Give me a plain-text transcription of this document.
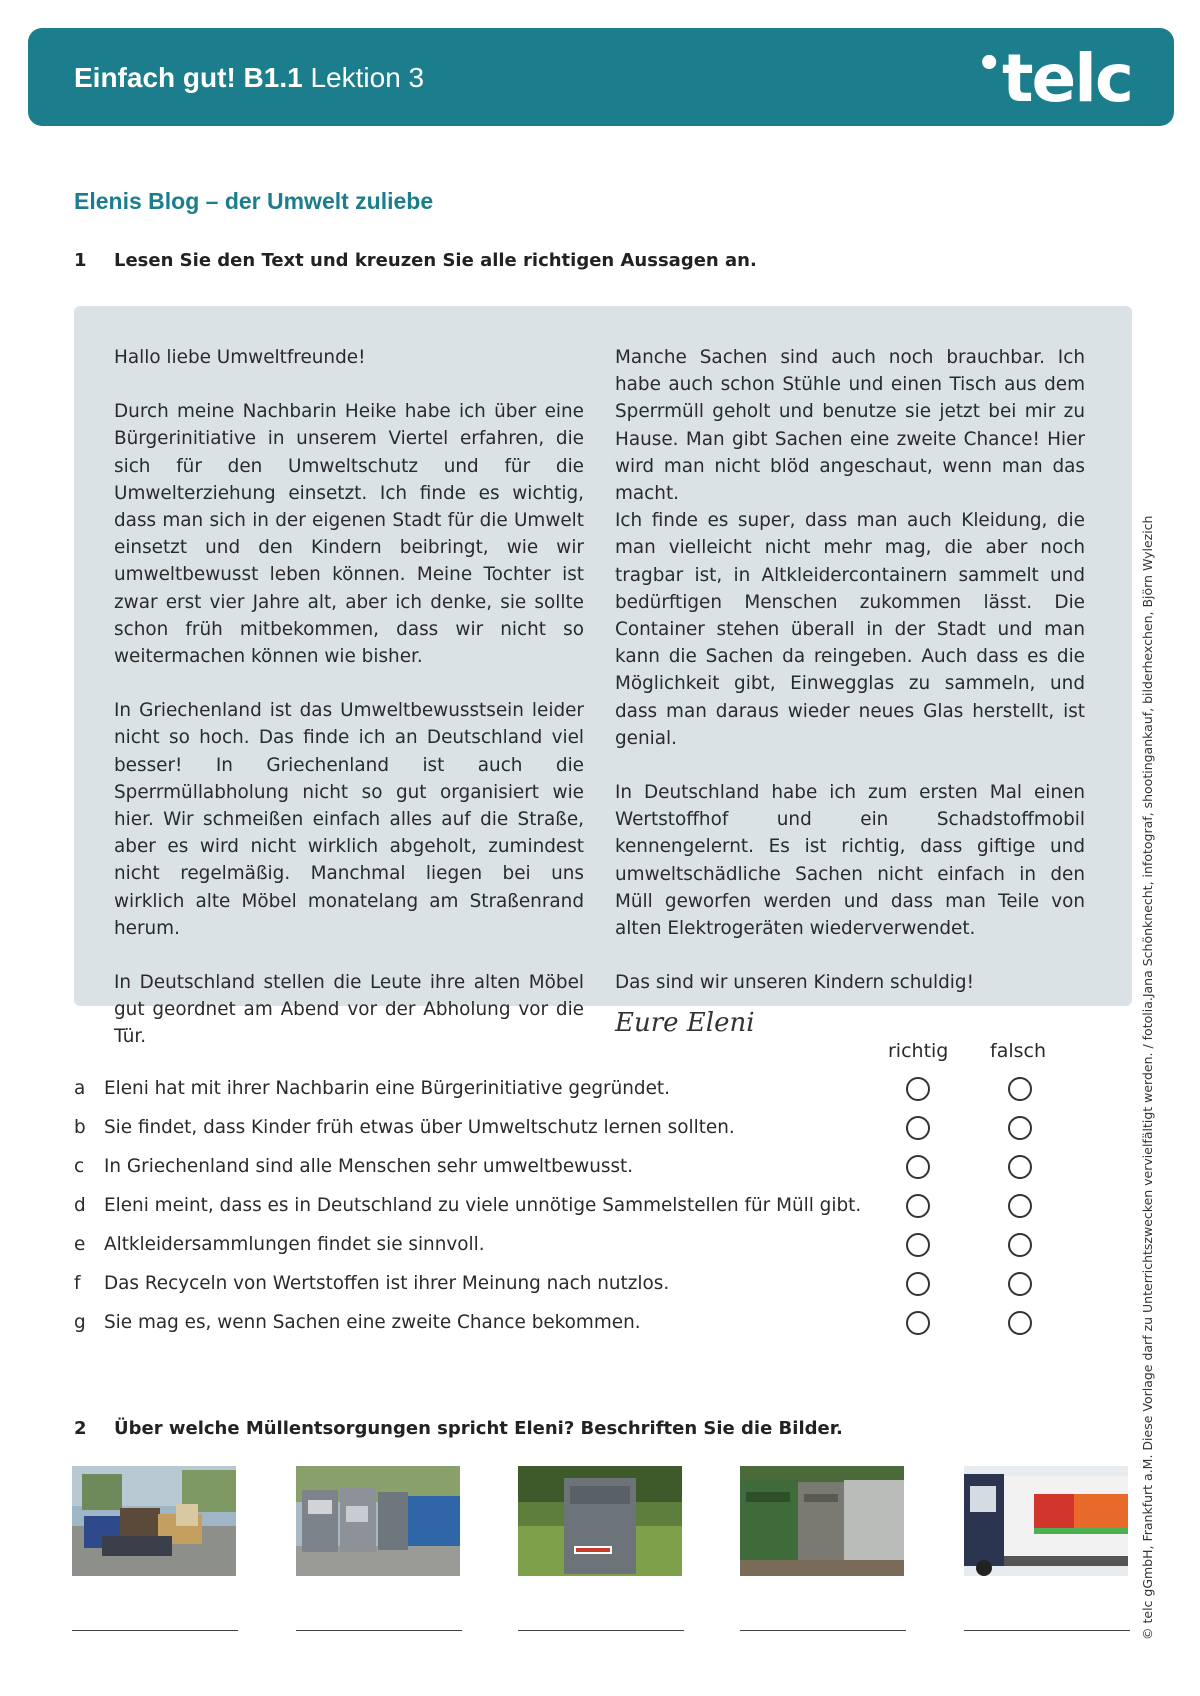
Einfach gut! B1.1 Lektion 3	•telc
Elenis Blog – der Umwelt zuliebe
1 Lesen Sie den Text und kreuzen Sie alle richtigen Aussagen an.

Hallo liebe Umweltfreunde!

Durch meine Nachbarin Heike habe ich über eine Bürgerinitiative in unserem Viertel erfahren, die sich für den Umweltschutz und für die Umwelterziehung einsetzt. Ich finde es wichtig, dass man sich in der eigenen Stadt für die Umwelt einsetzt und den Kindern beibringt, wie wir umweltbewusst leben können. Meine Tochter ist zwar erst vier Jahre alt, aber ich denke, sie sollte schon früh mitbekommen, dass wir nicht so weitermachen können wie bisher.

In Griechenland ist das Umweltbewusstsein leider nicht so hoch. Das finde ich an Deutschland viel besser! In Griechenland ist auch die Sperrmüllabholung nicht so gut organisiert wie hier. Wir schmeißen einfach alles auf die Straße, aber es wird nicht wirklich abgeholt, zumindest nicht regelmäßig. Manchmal liegen bei uns wirklich alte Möbel monatelang am Straßenrand herum.

In Deutschland stellen die Leute ihre alten Möbel gut geordnet am Abend vor der Abholung vor die Tür.

Manche Sachen sind auch noch brauchbar. Ich habe auch schon Stühle und einen Tisch aus dem Sperrmüll geholt und benutze sie jetzt bei mir zu Hause. Man gibt Sachen eine zweite Chance! Hier wird man nicht blöd angeschaut, wenn man das macht.

Ich finde es super, dass man auch Kleidung, die man vielleicht nicht mehr mag, die aber noch tragbar ist, in Altkleidercontainern sammelt und bedürftigen Menschen zukommen lässt. Die Container stehen überall in der Stadt und man kann die Sachen da reingeben. Auch dass es die Möglichkeit gibt, Einwegglas zu sammeln, und dass man daraus wieder neues Glas herstellt, ist genial.

In Deutschland habe ich zum ersten Mal einen Wertstoffhof und ein Schadstoffmobil kennengelernt. Es ist richtig, dass giftige und umweltschädliche Sachen nicht einfach in den Müll geworfen werden und dass man Teile von alten Elektrogeräten wiederverwendet.

Das sind wir unseren Kindern schuldig!

Eure Eleni
richtig falsch
a Eleni hat mit ihrer Nachbarin eine Bürgerinitiative gegründet.
b Sie findet, dass Kinder früh etwas über Umweltschutz lernen sollten.
c In Griechenland sind alle Menschen sehr umweltbewusst.
d Eleni meint, dass es in Deutschland zu viele unnötige Sammelstellen für Müll gibt.
e Altkleidersammlungen findet sie sinnvoll.
f Das Recyceln von Wertstoffen ist ihrer Meinung nach nutzlos.
g Sie mag es, wenn Sachen eine zweite Chance bekommen.
2 Über welche Müllentsorgungen spricht Eleni? Beschriften Sie die Bilder.	© telc gGmbH, Frankfurt a.M. Diese Vorlage darf zu Unterrichtszwecken vervielfältigt werden. / fotolia.Jana Schönknecht, infotograf, shootingankauf, bilderhexchen, Björn Wylezich
